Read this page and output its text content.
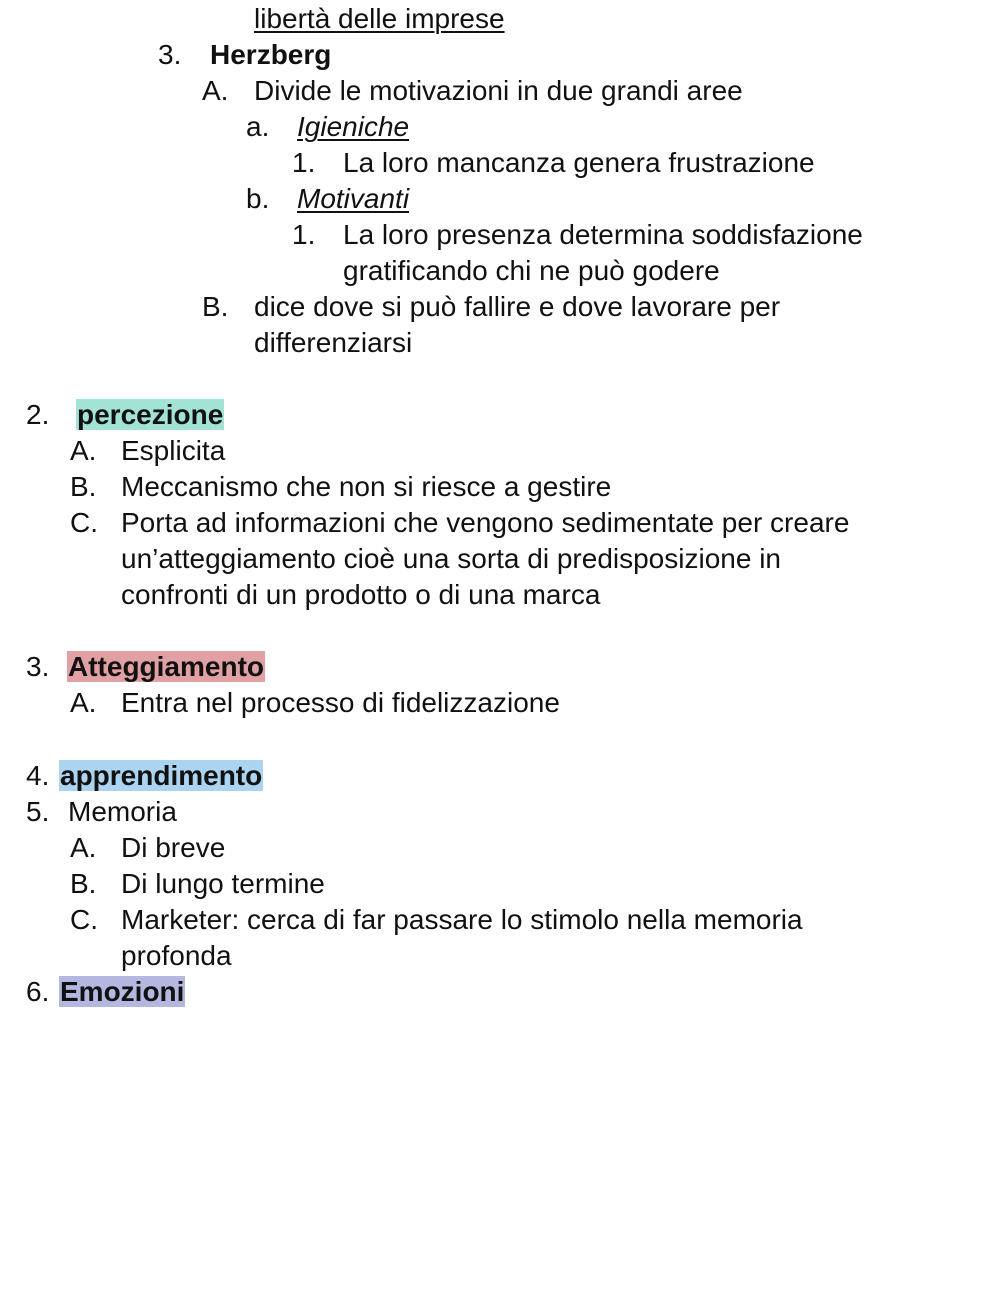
libertà delle imprese
3. Herzberg
A. Divide le motivazioni in due grandi aree
a. Igieniche
1. La loro mancanza genera frustrazione
b. Motivanti
1. La loro presenza determina soddisfazione
gratificando chi ne può godere
B. dice dove si può fallire e dove lavorare per
differenziarsi
2. percezione
A. Esplicita
B. Meccanismo che non si riesce a gestire
C. Porta ad informazioni che vengono sedimentate per creare
un’atteggiamento cioè una sorta di predisposizione in
confronti di un prodotto o di una marca
3. Atteggiamento
A. Entra nel processo di fidelizzazione
4. apprendimento
5. Memoria
A. Di breve
B. Di lungo termine
C. Marketer: cerca di far passare lo stimolo nella memoria
profonda
6. Emozioni
